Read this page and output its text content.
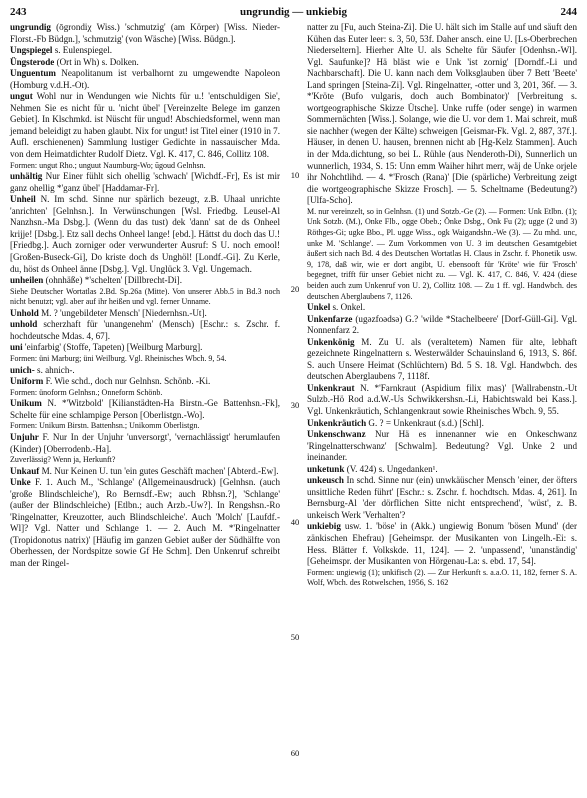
243	ungrundig — unkiebig	244

ungrundig (ōgrondiχ Wiss.) 'schmutzig' (am Körper) [Wiss. Nieder-Florst.-Fb Büdgn.], 'schmutzig' (von Wäsche) [Wiss. Büdgn.].

Ungspiegel s. Eulenspiegel.

Üngsterode (Ort in Wh) s. Dolken.

Unguentum Neapolitanum ist verbalhornt zu umgewendte Napoleon (Homburg v.d.H.-Ot).

ungut Wohl nur in Wendungen wie Nichts für u.! 'entschuldigen Sie', Nehmen Sie es nicht für u. 'nicht übel' [Vereinzelte Belege im ganzen Gebiet]. In Klschmkd. ist Nüscht für ungud! Abschiedsformel, wenn man jemand beleidigt zu haben glaubt. Nix for ungut! ist Titel einer (1910 in 7. Aufl. erschienenen) Sammlung lustiger Gedichte in nassauischer Mda. von dem Heimatdichter Rudolf Dietz. Vgl. K. 417, C. 846, Collitz 108.

Formen: ungut Rho.; unguut Naumburg-Wo; ūgoud Gelnhsn.

unhältig Nur Einer fühlt sich ohellig 'schwach' [Wichdf.-Fr], Es ist mir ganz ohellig *'ganz übel' [Haddamar-Fr].

Unheil N. Im schd. Sinne nur spärlich bezeugt, z.B. Uhaal unrichte 'anrichten' [Gelnhsn.]. In Verwünschungen [Wsl. Friedbg. Leusel-Al Nanzhsn.-Ma Dsbg.]. (Wenn du das tust) dek 'dann' sat de ds Onheel krijje! [Dsbg.]. Etz sall dechs Onheel lange! [ebd.]. Hättst du doch das U.! [Friedbg.]. Auch zorniger oder verwunderter Ausruf: S U. noch emool! [Großen-Buseck-Gi], Do kriste doch ds Unghöl! [Londf.-Gi]. Zu Kerle, du, höst ds Onheel änne [Dsbg.]. Vgl. Unglück 3. Vgl. Ungemach.

unheilen (ohnhäße) *'schelten' [Dillbrecht-Di].

Siehe Deutscher Wortatlas 2.Bd. Sp.26a (Mitte). Von unserer Abb.5 in Bd.3 noch nicht benutzt; vgl. aber auf ihr heißen und vgl. ferner Unname.

Unhold M. ? 'ungebildeter Mensch' [Niedernhsn.-Ut].

unhold scherzhaft für 'unangenehm' (Mensch) [Eschr.: s. Zschr. f. hochdeutsche Mdas. 4, 67].

uni 'einfarbig' (Stoffe, Tapeten) [Weilburg Marburg].

Formen: üni Marburg; üni Weilburg. Vgl. Rheinisches Wbch. 9, 54.

unich- s. ahnich-.

Uniform F. Wie schd., doch nur Gelnhsn. Schönb. -Ki.

Formen: ünoform Gelnhsn.; Onneform Schönb.

Unikum N. *'Witzbold' [Kilianstädten-Ha Birstn.-Ge Battenhsn.-Fk], Schelte für eine schlampige Person [Oberlistgn.-Wo].

Formen: Unikum Birstn. Battenhsn.; Unikomm Oberlistgn.

Unjuhr F. Nur In der Unjuhr 'unversorgt', 'vernachlässigt' herumlaufen (Kinder) [Oberrodenb.-Ha].

Zuverlässig? Wenn ja, Herkunft?

Unkauf M. Nur Keinen U. tun 'ein gutes Geschäft machen' [Abterd.-Ew].

Unke F. 1. Auch M., 'Schlange' (Allgemeinausdruck) [Gelnhsn. (auch 'große Blindschleiche'), Ro Bernsdf.-Ew; auch Rbhsn.?], 'Schlange' (außer der Blindschleiche) [Etlbn.; auch Arzb.-Uw?]. In Rengshsn.-Ro 'Ringelnatter, Kreuzotter, auch Blindschleiche'. Auch 'Molch' [Laufdf.-Wl]? Vgl. Natter und Schlange 1. — 2. Auch M. *'Ringelnatter (Tropidonotus natrix)' [Häufig im ganzen Gebiet außer der Südhälfte von Oberhessen, der Nordspitze sowie Gf He Schm]. Den Unkenruf schreibt man der Ringel-

10
20
30
40
50
60

natter zu [Fu, auch Steina-Zi]. Die U. hält sich im Stalle auf und säuft den Kühen das Euter leer: s. 3, 50, 53f. Daher ansch. eine U. [Ls-Oberbrechen Niederseltern]. Hierher Alte U. als Schelte für Säufer [Odenhsn.-Wl]. Vgl. Saufunke]? Hä bläst wie e Unk 'ist zornig' [Dorndf.-Li und Nachbarschaft]. Die U. kann nach dem Volksglauben über 7 Bett 'Beete' Land springen [Steina-Zi]. Vgl. Ringelnatter, -otter und 3, 201, 36f. — 3. *'Kröte (Bufo vulgaris, doch auch Bombinator)' [Verbreitung s. wortgeographische Skizze Ütsche]. Unke ruffe (oder senge) in warmen Sommernächten [Wiss.]. Solange, wie die U. vor dem 1. Mai schreit, muß sie nachher (wegen der Kälte) schweigen [Geismar-Fk. Vgl. 2, 887, 37f.]. Häuser, in denen U. hausen, brennen nicht ab [Hg-Kelz Stammen]. Auch in der Mda.dichtung, so bei L. Rühle (aus Nenderoth-Di), Sunnerlich un wunnerlich, 1934, S. 15: Unn emm Waiher hihrt merr, wäj de Unke orjele ihr Nohchtlihd. — 4. *'Frosch (Rana)' [Die (spärliche) Verbreitung zeigt die wortgeographische Skizze Frosch]. — 5. Scheltname (Bedeutung?) [Ulfa-Scho].

M. nur vereinzelt, so in Gelnhsn. (1) und Sotzb.-Ge (2). — Formen: Unk Etlbn. (1); Unk Sotzb. (M.), Onke Flb., ogge Obeb.; Önke Dsbg., Onk Fu (2); ugge (2 und 3) Röthges-Gi; ugke Bbo., Pl. ugge Wiss., ogk Waigandshn.-We (3). — Zu mhd. unc, unke M. 'Schlange'. — Zum Vorkommen von U. 3 im deutschen Gesamtgebiet äußert sich nach Bd. 4 des Deutschen Wortatlas H. Claus in Zschr. f. Phonetik usw. 9, 178, daß wir, wie er dort angibt, U. ebensooft für 'Kröte' wie für 'Frosch' begegnet, trifft für unser Gebiet nicht zu. — Vgl. K. 417, C. 846, V. 424 (diese beiden auch zum Unkenruf von U. 2), Collitz 108. — Zu 1 ff. vgl. Handwbch. des deutschen Aberglaubens 7, 1126.

Unkel s. Onkel.

Unkenfarze (ugəzfoədsə) G.? 'wilde *Stachelbeere' [Dorf-Güll-Gi]. Vgl. Nonnenfarz 2.

Unkenkönig M. Zu U. als (veraltetem) Namen für alte, lebhaft gezeichnete Ringelnattern s. Westerwälder Schauinsland 6, 1913, S. 86f. S. auch Unsere Heimat (Schlüchtern) Bd. 5 S. 18. Vgl. Handwbch. des deutschen Aberglaubens 7, 1118f.

Unkenkraut N. *'Farnkraut (Aspidium filix mas)' [Wallrabenstn.-Ut Sulzb.-Hö Rod a.d.W.-Us Schwikkershsn.-Li, Habichtswald bei Kass.]. Vgl. Unkenkräutich, Schlangenkraut sowie Rheinisches Wbch. 9, 55.

Unkenkräutich G. ? = Unkenkraut (s.d.) [Schl].

Unkenschwanz Nur Hä es innenanner wie en Onkeschwanz 'Ringelnatterschwanz' [Schwalm]. Bedeutung? Vgl. Unke 2 und ineinander.

unketunk (V. 424) s. Ungedanken¹.

unkeusch In schd. Sinne nur (ein) unwkäüscher Mensch 'einer, der öfters unsittliche Reden führt' [Eschr.: s. Zschr. f. hochdtsch. Mdas. 4, 261]. In Bernsburg-Al 'der dörflichen Sitte nicht entsprechend', 'wüst', z. B. unkeisch Werk 'Verhalten'?

unkiebig usw. 1. 'böse' in (Akk.) ungiewig Bonum 'bösen Mund' (der zänkischen Ehefrau) [Geheimspr. der Musikanten von Lingelh.-Ei: s. Hess. Blätter f. Volkskde. 11, 124]. — 2. 'unpassend', 'unanständig' [Geheimspr. der Musikanten von Hörgenau-La: s. ebd. 17, 54].

Formen: ungiewig (1); unkifisch (2). — Zur Herkunft s. a.a.O. 11, 182, ferner S. A. Wolf, Wbch. des Rotwelschen, 1956, S. 162
